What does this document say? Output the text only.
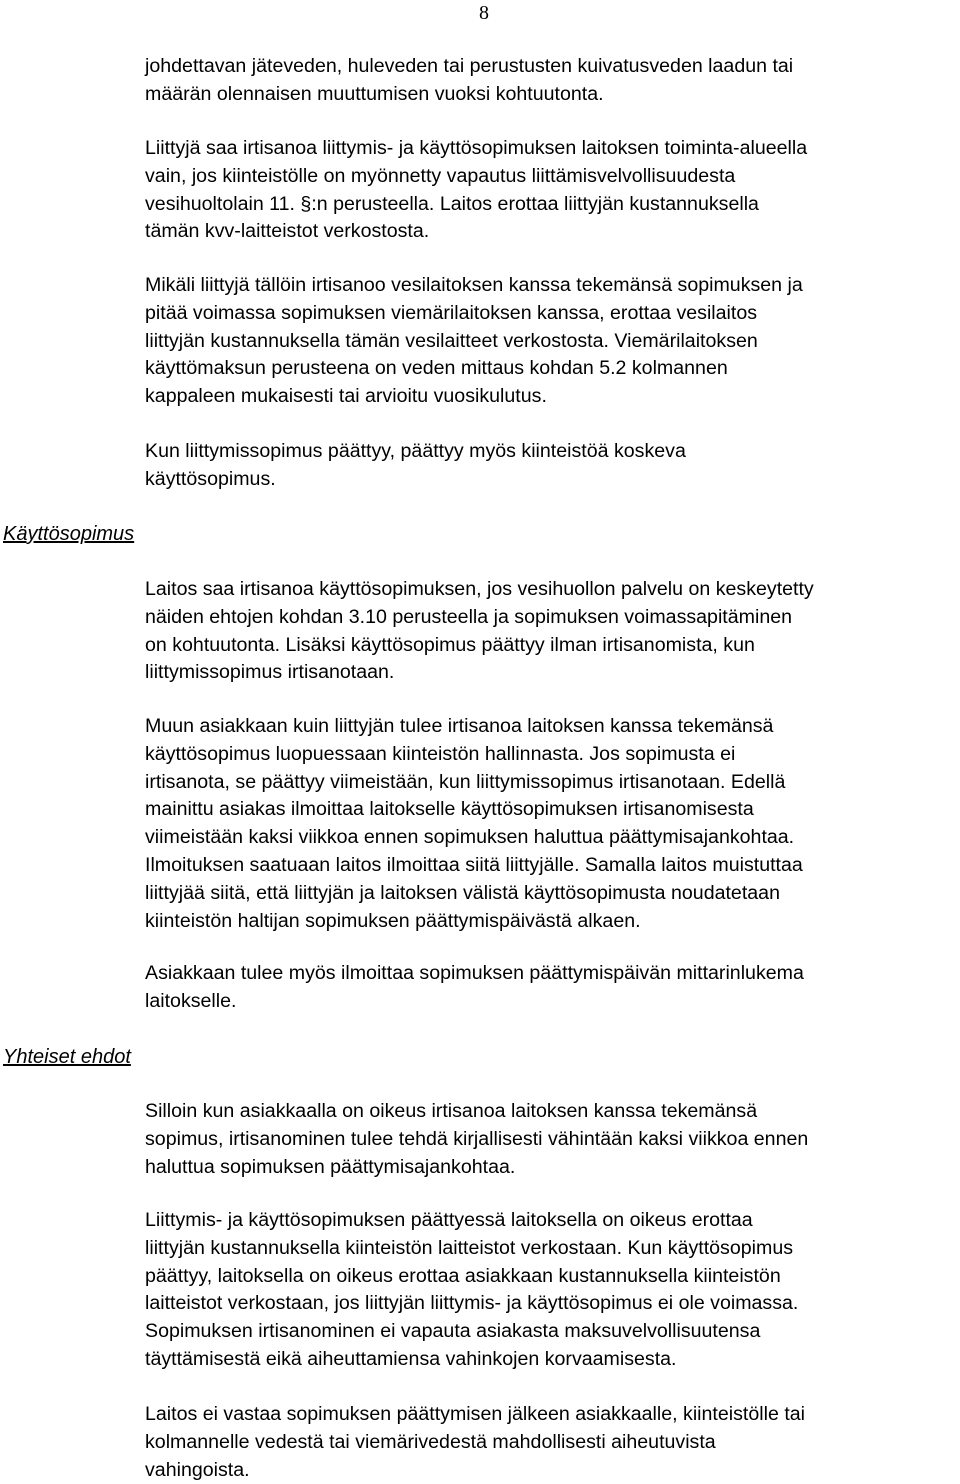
8
Käyttösopimus
Yhteiset ehdot

johdettavan jäteveden, huleveden tai perustusten kuivatusveden laadun tai
määrän olennaisen muuttumisen vuoksi kohtuutonta.

Liittyjä saa irtisanoa liittymis- ja käyttösopimuksen laitoksen toiminta-alueella
vain, jos kiinteistölle on myönnetty vapautus liittämisvelvollisuudesta
vesihuoltolain 11. §:n perusteella. Laitos erottaa liittyjän kustannuksella
tämän kvv-laitteistot verkostosta.

Mikäli liittyjä tällöin irtisanoo vesilaitoksen kanssa tekemänsä sopimuksen ja
pitää voimassa sopimuksen viemärilaitoksen kanssa, erottaa vesilaitos
liittyjän kustannuksella tämän vesilaitteet verkostosta. Viemärilaitoksen
käyttömaksun perusteena on veden mittaus kohdan 5.2 kolmannen
kappaleen mukaisesti tai arvioitu vuosikulutus.

Kun liittymissopimus päättyy, päättyy myös kiinteistöä koskeva
käyttösopimus.

Laitos saa irtisanoa käyttösopimuksen, jos vesihuollon palvelu on keskeytetty
näiden ehtojen kohdan 3.10 perusteella ja sopimuksen voimassapitäminen
on kohtuutonta. Lisäksi käyttösopimus päättyy ilman irtisanomista, kun
liittymissopimus irtisanotaan.

Muun asiakkaan kuin liittyjän tulee irtisanoa laitoksen kanssa tekemänsä
käyttösopimus luopuessaan kiinteistön hallinnasta. Jos sopimusta ei
irtisanota, se päättyy viimeistään, kun liittymissopimus irtisanotaan. Edellä
mainittu asiakas ilmoittaa laitokselle käyttösopimuksen irtisanomisesta
viimeistään kaksi viikkoa ennen sopimuksen haluttua päättymisajankohtaa.
Ilmoituksen saatuaan laitos ilmoittaa siitä liittyjälle. Samalla laitos muistuttaa
liittyjää siitä, että liittyjän ja laitoksen välistä käyttösopimusta noudatetaan
kiinteistön haltijan sopimuksen päättymispäivästä alkaen.

Asiakkaan tulee myös ilmoittaa sopimuksen päättymispäivän mittarinlukema
laitokselle.

Silloin kun asiakkaalla on oikeus irtisanoa laitoksen kanssa tekemänsä
sopimus, irtisanominen tulee tehdä kirjallisesti vähintään kaksi viikkoa ennen
haluttua sopimuksen päättymisajankohtaa.

Liittymis- ja käyttösopimuksen päättyessä laitoksella on oikeus erottaa
liittyjän kustannuksella kiinteistön laitteistot verkostaan. Kun käyttösopimus
päättyy, laitoksella on oikeus erottaa asiakkaan kustannuksella kiinteistön
laitteistot verkostaan, jos liittyjän liittymis- ja käyttösopimus ei ole voimassa.
Sopimuksen irtisanominen ei vapauta asiakasta maksuvelvollisuutensa
täyttämisestä eikä aiheuttamiensa vahinkojen korvaamisesta.

Laitos ei vastaa sopimuksen päättymisen jälkeen asiakkaalle, kiinteistölle tai
kolmannelle vedestä tai viemärivedestä mahdollisesti aiheutuvista
vahingoista.
